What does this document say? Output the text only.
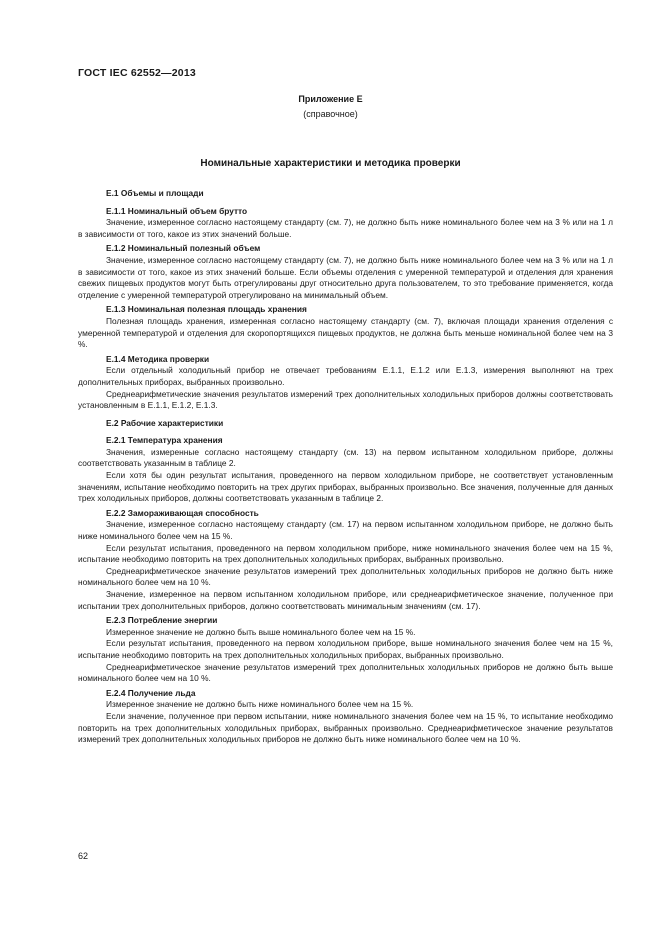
ГОСТ IEC 62552—2013
Приложение Е
(справочное)
Номинальные характеристики и методика проверки

Е.1 Объемы и площади

Е.1.1 Номинальный объем брутто

Значение, измеренное согласно настоящему стандарту (см. 7), не должно быть ниже номинального более чем на 3 % или на 1 л в зависимости от того, какое из этих значений больше.

Е.1.2 Номинальный полезный объем

Значение, измеренное согласно настоящему стандарту (см. 7), не должно быть ниже номинального более чем на 3 % или на 1 л в зависимости от того, какое из этих значений больше. Если объемы отделения с умеренной температурой и отделения для хранения свежих пищевых продуктов могут быть отрегулированы друг относительно друга пользователем, то это требование применяется, когда отделение с умеренной температурой отрегулировано на минимальный объем.

Е.1.3 Номинальная полезная площадь хранения

Полезная площадь хранения, измеренная согласно настоящему стандарту (см. 7), включая площади хранения отделения с умеренной температурой и отделения для скоропортящихся пищевых продуктов, не должна быть меньше номинальной более чем на 3 %.

Е.1.4 Методика проверки

Если отдельный холодильный прибор не отвечает требованиям Е.1.1, Е.1.2 или Е.1.3, измерения выполняют на трех дополнительных приборах, выбранных произвольно.

Среднеарифметические значения результатов измерений трех дополнительных холодильных приборов должны соответствовать установленным в Е.1.1, Е.1.2, Е.1.3.

Е.2 Рабочие характеристики

Е.2.1 Температура хранения

Значения, измеренные согласно настоящему стандарту (см. 13) на первом испытанном холодильном приборе, должны соответствовать указанным в таблице 2.

Если хотя бы один результат испытания, проведенного на первом холодильном приборе, не соответствует установленным значениям, испытание необходимо повторить на трех других приборах, выбранных произвольно. Все значения, полученные для данных трех холодильных приборов, должны соответствовать указанным в таблице 2.

Е.2.2 Замораживающая способность

Значение, измеренное согласно настоящему стандарту (см. 17) на первом испытанном холодильном приборе, не должно быть ниже номинального более чем на 15 %.

Если результат испытания, проведенного на первом холодильном приборе, ниже номинального значения более чем на 15 %, испытание необходимо повторить на трех дополнительных холодильных приборах, выбранных произвольно.

Среднеарифметическое значение результатов измерений трех дополнительных холодильных приборов не должно быть ниже номинального более чем на 10 %.

Значение, измеренное на первом испытанном холодильном приборе, или среднеарифметическое значение, полученное при испытании трех дополнительных приборов, должно соответствовать минимальным значениям (см. 17).

Е.2.3 Потребление энергии

Измеренное значение не должно быть выше номинального более чем на 15 %.

Если результат испытания, проведенного на первом холодильном приборе, выше номинального значения более чем на 15 %, испытание необходимо повторить на трех дополнительных холодильных приборах, выбранных произвольно.

Среднеарифметическое значение результатов измерений трех дополнительных холодильных приборов не должно быть выше номинального более чем на 10 %.

Е.2.4 Получение льда

Измеренное значение не должно быть ниже номинального более чем на 15 %.

Если значение, полученное при первом испытании, ниже номинального значения более чем на 15 %, то испытание необходимо повторить на трех дополнительных холодильных приборах, выбранных произвольно. Среднеарифметическое значение результатов измерений трех дополнительных холодильных приборов не должно быть ниже номинального более чем на 10 %.

62
